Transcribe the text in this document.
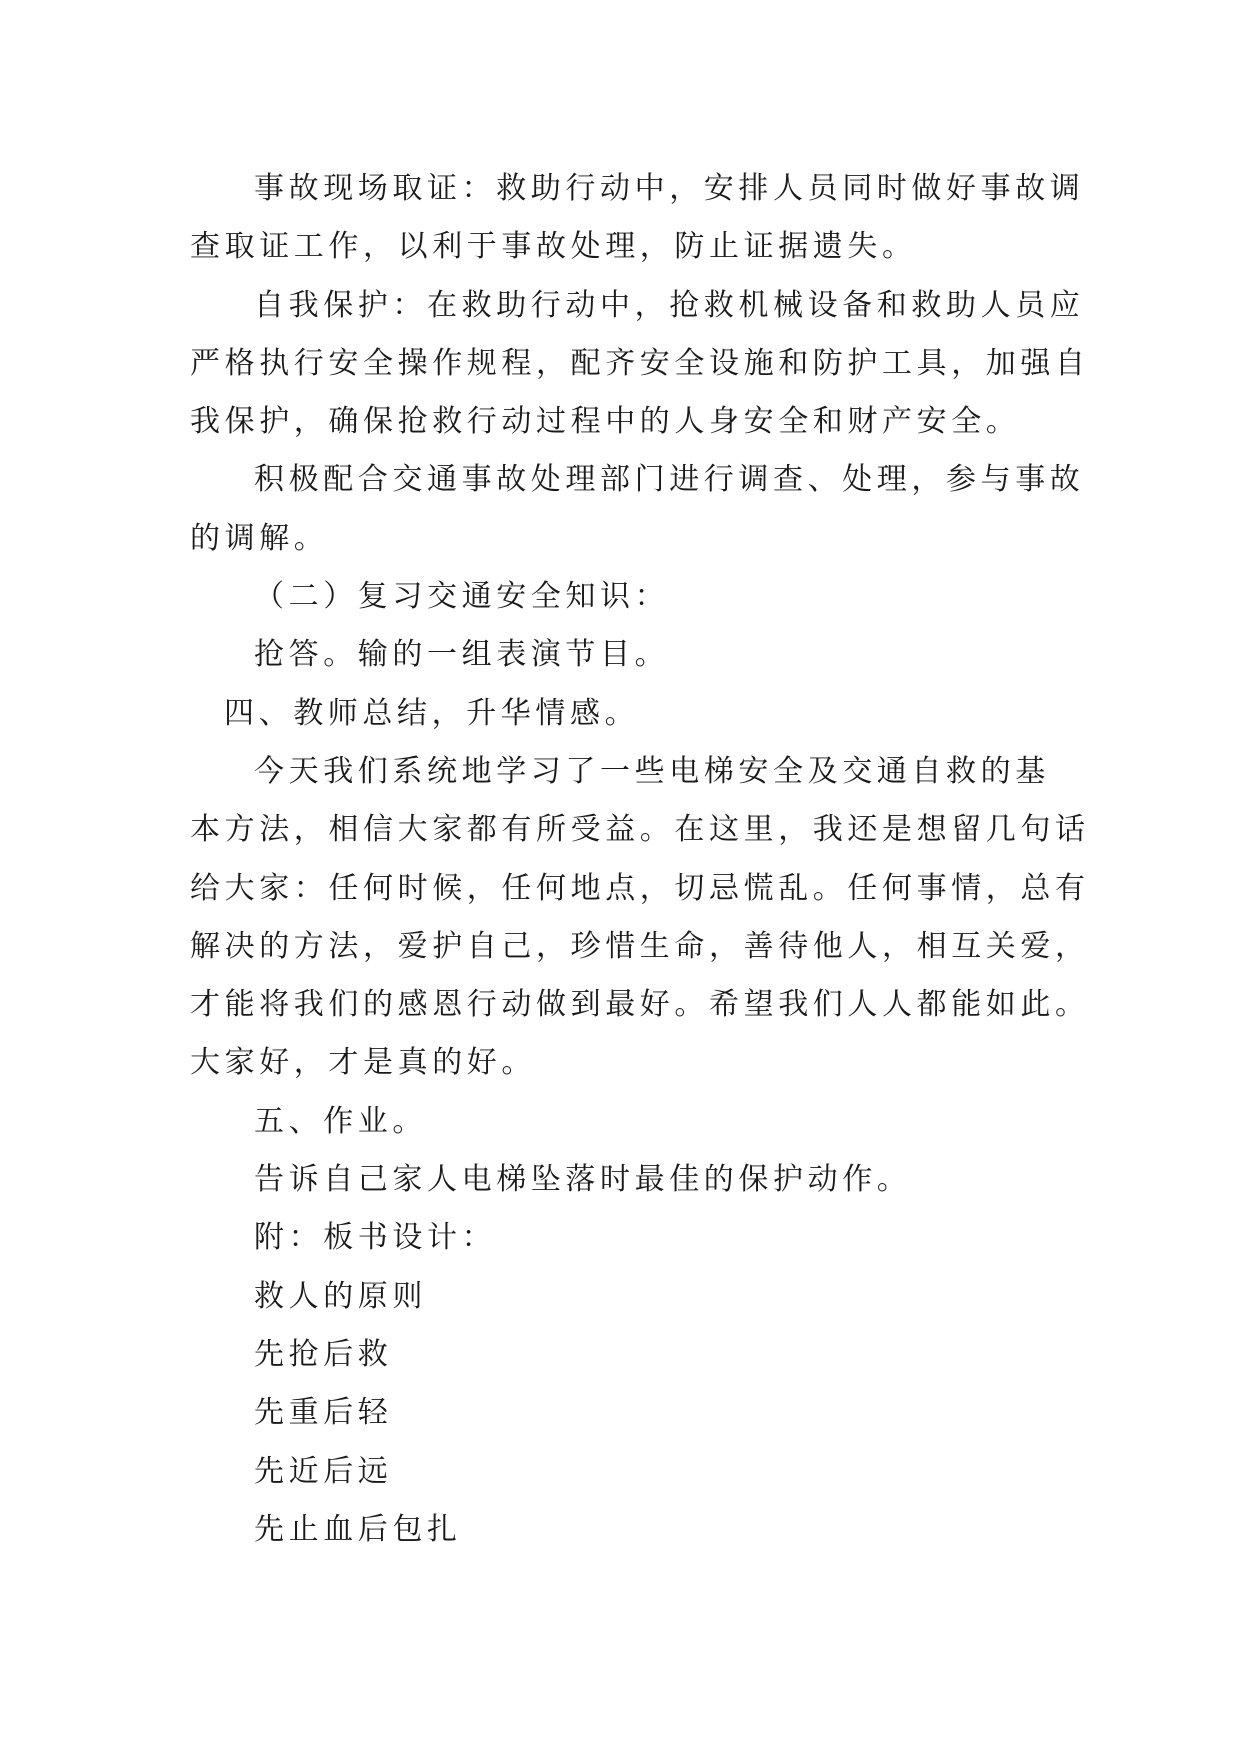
事故现场取证：救助行动中，安排人员同时做好事故调
查取证工作，以利于事故处理，防止证据遗失。
自我保护：在救助行动中，抢救机械设备和救助人员应
严格执行安全操作规程，配齐安全设施和防护工具，加强自
我保护，确保抢救行动过程中的人身安全和财产安全。
积极配合交通事故处理部门进行调查、处理，参与事故
的调解。
（二）复习交通安全知识：
抢答。输的一组表演节目。
四、教师总结，升华情感。
今天我们系统地学习了一些电梯安全及交通自救的基
本方法，相信大家都有所受益。在这里，我还是想留几句话
给大家：任何时候，任何地点，切忌慌乱。任何事情，总有
解决的方法，爱护自己，珍惜生命，善待他人，相互关爱，
才能将我们的感恩行动做到最好。希望我们人人都能如此。
大家好，才是真的好。
五、作业。
告诉自己家人电梯坠落时最佳的保护动作。
附：板书设计：
救人的原则
先抢后救
先重后轻
先近后远
先止血后包扎
